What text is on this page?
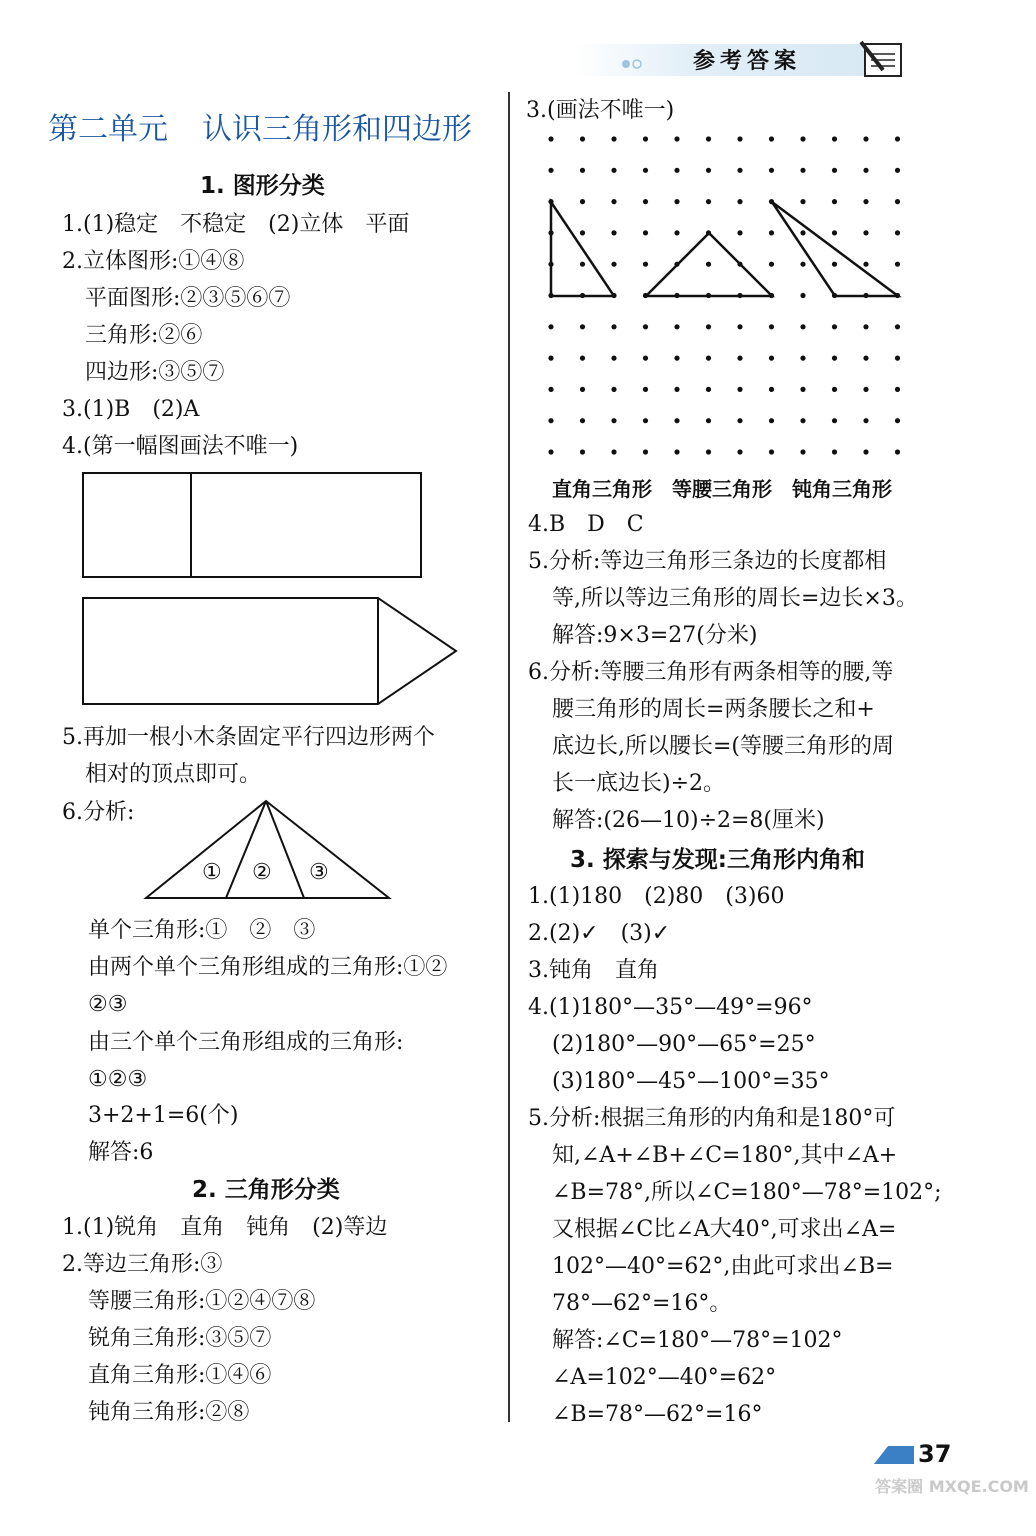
参考答案
第二单元 认识三角形和四边形
1. 图形分类
1.(1)稳定　不稳定　(2)立体　平面
2.立体图形:①④⑧
平面图形:②③⑤⑥⑦
三角形:②⑥
四边形:③⑤⑦
3.(1)B　(2)A
4.(第一幅图画法不唯一)
5.再加一根小木条固定平行四边形两个
相对的顶点即可。
6.分析:
① ② ③
单个三角形:①　②　③
由两个单个三角形组成的三角形:①②
②③
由三个单个三角形组成的三角形:
①②③
3+2+1=6(个)
解答:6
2. 三角形分类
1.(1)锐角　直角　钝角　(2)等边
2.等边三角形:③
等腰三角形:①②④⑦⑧
锐角三角形:③⑤⑦
直角三角形:①④⑥
钝角三角形:②⑧
3.(画法不唯一)
直角三角形　等腰三角形　钝角三角形
4.B　D　C
5.分析:等边三角形三条边的长度都相
等,所以等边三角形的周长=边长×3。
解答:9×3=27(分米)
6.分析:等腰三角形有两条相等的腰,等
腰三角形的周长=两条腰长之和+
底边长,所以腰长=(等腰三角形的周
长一底边长)÷2。
解答:(26—10)÷2=8(厘米)
3. 探索与发现:三角形内角和
1.(1)180　(2)80　(3)60
2.(2)✓　(3)✓
3.钝角　直角
4.(1)180°—35°—49°=96°
(2)180°—90°—65°=25°
(3)180°—45°—100°=35°
5.分析:根据三角形的内角和是180°可
知,∠A+∠B+∠C=180°,其中∠A+
∠B=78°,所以∠C=180°—78°=102°;
又根据∠C比∠A大40°,可求出∠A=
102°—40°=62°,由此可求出∠B=
78°—62°=16°。
解答:∠C=180°—78°=102°
∠A=102°—40°=62°
∠B=78°—62°=16°
37
答案圈 MXQE.COM
